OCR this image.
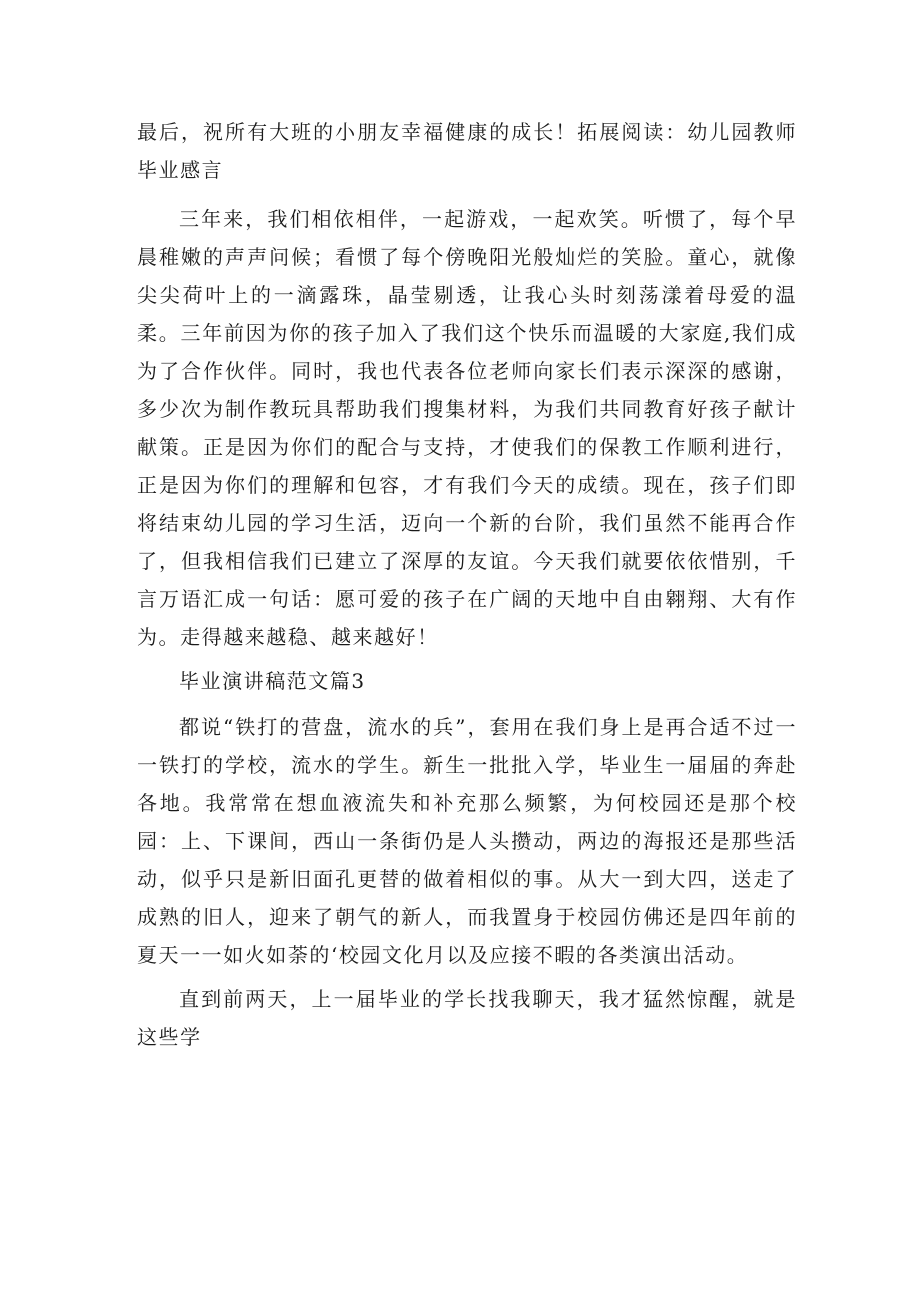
最后，祝所有大班的小朋友幸福健康的成长！拓展阅读：幼儿园教师毕业感言

三年来，我们相依相伴，一起游戏，一起欢笑。听惯了，每个早晨稚嫩的声声问候；看惯了每个傍晚阳光般灿烂的笑脸。童心，就像尖尖荷叶上的一滴露珠，晶莹剔透，让我心头时刻荡漾着母爱的温柔。三年前因为你的孩子加入了我们这个快乐而温暖的大家庭,我们成为了合作伙伴。同时，我也代表各位老师向家长们表示深深的感谢，多少次为制作教玩具帮助我们搜集材料，为我们共同教育好孩子献计献策。正是因为你们的配合与支持，才使我们的保教工作顺利进行，正是因为你们的理解和包容，才有我们今天的成绩。现在，孩子们即将结束幼儿园的学习生活，迈向一个新的台阶，我们虽然不能再合作了，但我相信我们已建立了深厚的友谊。今天我们就要依依惜别，千言万语汇成一句话：愿可爱的孩子在广阔的天地中自由翱翔、大有作为。走得越来越稳、越来越好！

毕业演讲稿范文篇3

都说“铁打的营盘，流水的兵”，套用在我们身上是再合适不过一一铁打的学校，流水的学生。新生一批批入学，毕业生一届届的奔赴各地。我常常在想血液流失和补充那么频繁，为何校园还是那个校园：上、下课间，西山一条街仍是人头攒动，两边的海报还是那些活动，似乎只是新旧面孔更替的做着相似的事。从大一到大四，送走了成熟的旧人，迎来了朝气的新人，而我置身于校园仿佛还是四年前的夏天一一如火如荼的‘校园文化月以及应接不暇的各类演出活动。

直到前两天，上一届毕业的学长找我聊天，我才猛然惊醒，就是这些学
